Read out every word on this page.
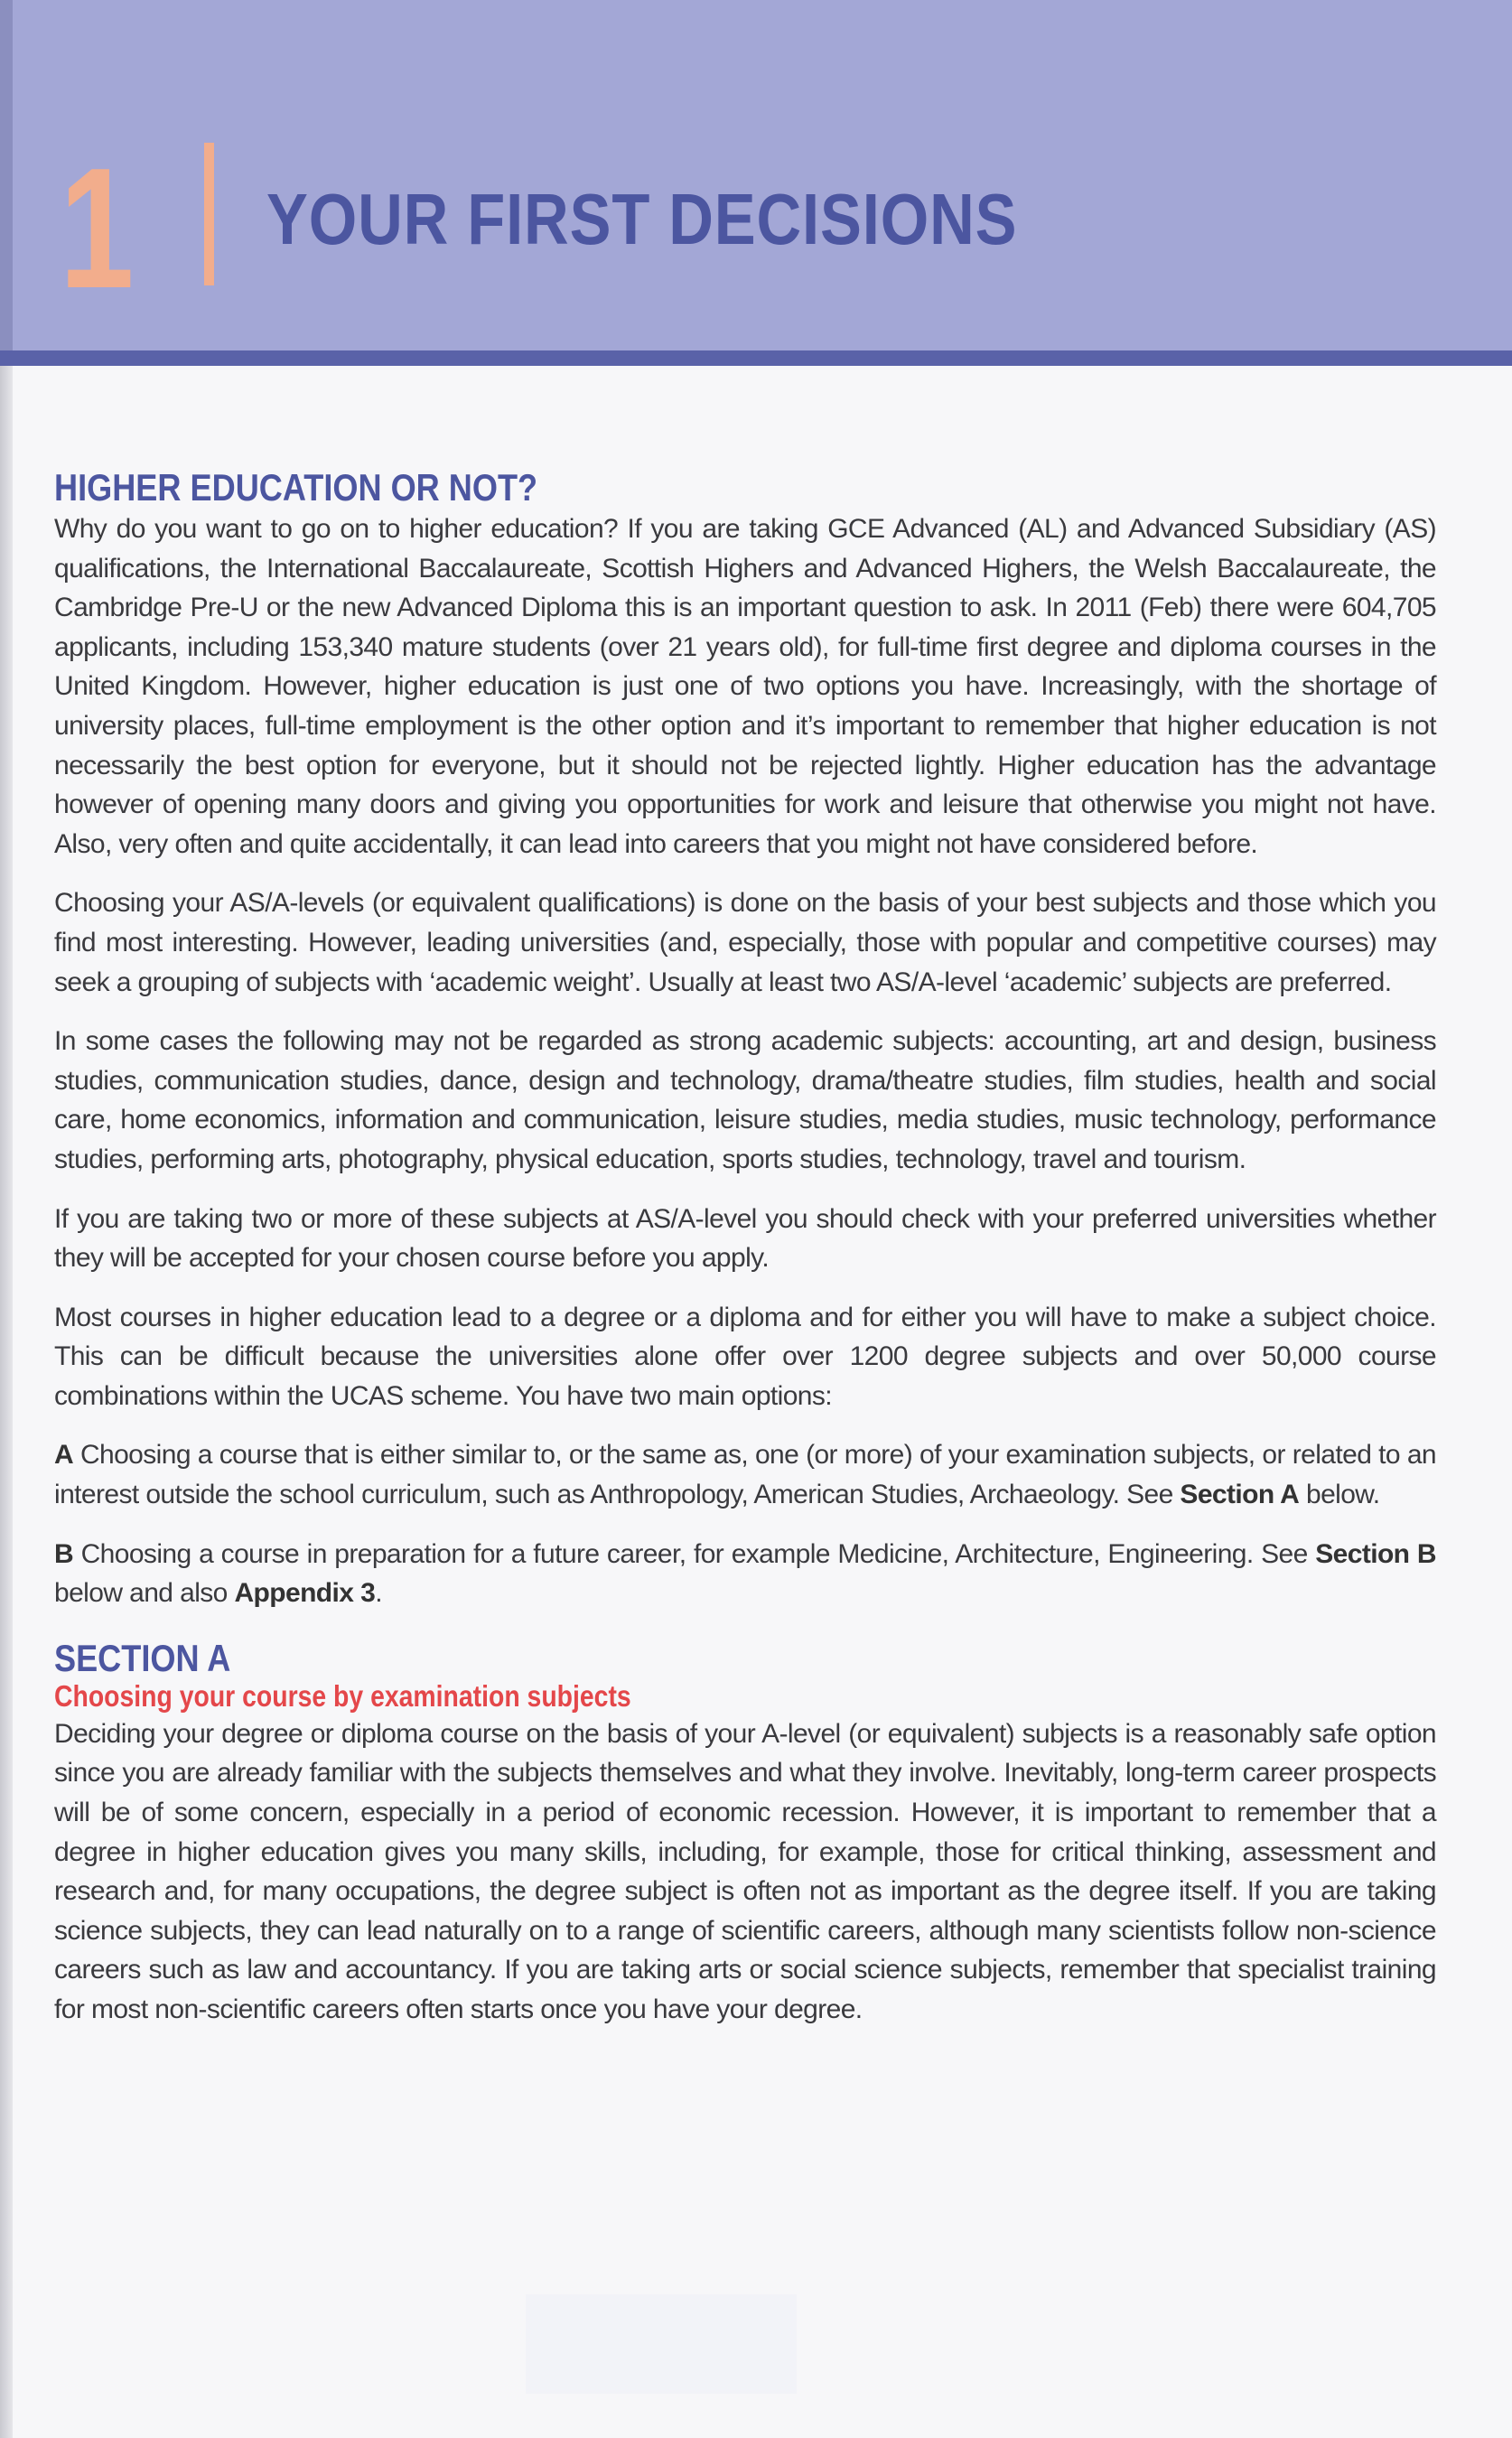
1 YOUR FIRST DECISIONS
HIGHER EDUCATION OR NOT?

Why do you want to go on to higher education? If you are taking GCE Advanced (AL) and Advanced Subsidiary (AS) qualifications, the International Baccalaureate, Scottish Highers and Advanced Highers, the Welsh Baccalaureate, the Cambridge Pre-U or the new Advanced Diploma this is an important question to ask. In 2011 (Feb) there were 604,705 applicants, including 153,340 mature students (over 21 years old), for full-time first degree and diploma courses in the United Kingdom. However, higher education is just one of two options you have. Increasingly, with the shortage of university places, full-time employment is the other option and it’s important to remember that higher education is not necessarily the best option for everyone, but it should not be rejected lightly. Higher education has the advantage however of opening many doors and giving you opportunities for work and leisure that otherwise you might not have. Also, very often and quite accidentally, it can lead into careers that you might not have considered before.

Choosing your AS/A-levels (or equivalent qualifications) is done on the basis of your best subjects and those which you find most interesting. However, leading universities (and, especially, those with popular and competitive courses) may seek a grouping of subjects with ‘academic weight’. Usually at least two AS/A-level ‘academic’ subjects are preferred.

In some cases the following may not be regarded as strong academic subjects: accounting, art and design, business studies, communication studies, dance, design and technology, drama/theatre studies, film studies, health and social care, home economics, information and communication, leisure studies, media studies, music technology, performance studies, performing arts, photography, physical education, sports studies, technology, travel and tourism.

If you are taking two or more of these subjects at AS/A-level you should check with your preferred universities whether they will be accepted for your chosen course before you apply.

Most courses in higher education lead to a degree or a diploma and for either you will have to make a subject choice. This can be difficult because the universities alone offer over 1200 degree subjects and over 50,000 course combinations within the UCAS scheme. You have two main options:

A Choosing a course that is either similar to, or the same as, one (or more) of your examination subjects, or related to an interest outside the school curriculum, such as Anthropology, American Studies, Archaeology. See Section A below.

B Choosing a course in preparation for a future career, for example Medicine, Architecture, Engineering. See Section B below and also Appendix 3.

SECTION A
Choosing your course by examination subjects

Deciding your degree or diploma course on the basis of your A-level (or equivalent) subjects is a reasonably safe option since you are already familiar with the subjects themselves and what they involve. Inevitably, long-term career prospects will be of some concern, especially in a period of economic recession. However, it is important to remember that a degree in higher education gives you many skills, including, for example, those for critical thinking, assessment and research and, for many occupations, the degree subject is often not as important as the degree itself. If you are taking science subjects, they can lead naturally on to a range of scientific careers, although many scientists follow non-science careers such as law and accountancy. If you are taking arts or social science subjects, remember that specialist training for most non-scientific careers often starts once you have your degree.
